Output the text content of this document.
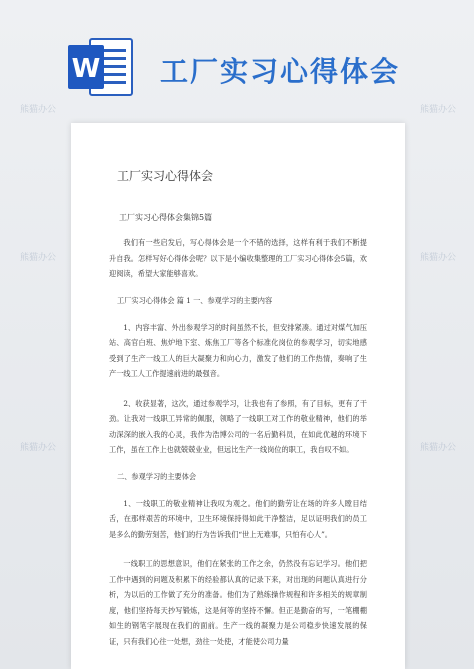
W 工厂实习心得体会
工厂实习心得体会
工厂实习心得体会集锦5篇

我们有一些启发后，写心得体会是一个不错的选择，这样有利于我们不断提升自我。怎样写好心得体会呢？以下是小编收集整理的工厂实习心得体会5篇，欢迎阅读，希望大家能够喜欢。

工厂实习心得体会 篇 1 一、参观学习的主要内容

1、内容丰富、外出参观学习的时间虽然不长，但安排紧凑。通过对煤气加压站、高官白班、焦炉地下室、炼焦工厂等各个标准化岗位的参观学习，切实地感受到了生产一线工人的巨大凝聚力和向心力，激发了他们的工作热情，奏响了生产一线工人工作提速前进的最强音。

2、收获显著，这次，通过参观学习，让我也有了参照，有了目标，更有了干劲。让我对一线职工异常的佩服，领略了一线职工对工作的敬业精神，他们的举动深深的嵌入我的心灵，我作为浩博公司的一名后勤科员，在如此优越的环境下工作，虽在工作上也就兢兢业业，但远比生产一线岗位的职工，我自叹不如。

二、参观学习的主要体会

1、一线职工的敬业精神让我叹为观之。他们的勤劳让在场的许多人瞠目结舌，在那样艰苦的环境中，卫生环境保持得如此干净整洁，足以证明我们的员工是多么的勤劳刻苦，他们的行为告诉我们“世上无难事，只怕有心人”。

一线职工的思想意识，他们在紧张的工作之余，仍然没有忘记学习。他们把工作中遇到的问题及积累下的经验都认真的记录下来，对出现的问题认真进行分析，为以后的工作做了充分的准备。他们为了熟练操作规程和许多相关的规章制度，他们坚持每天抄写锻炼，这是何等的坚持不懈。但正是勤奋的写，一笔棚棚如生的钢笔字展现在我们的面前。生产一线的凝聚力是公司稳步快速发展的保证，只有我们心往一处想，劲往一处使，才能使公司力量

熊猫办公	熊猫办公
熊猫办公	熊猫办公
熊猫办公	熊猫办公
